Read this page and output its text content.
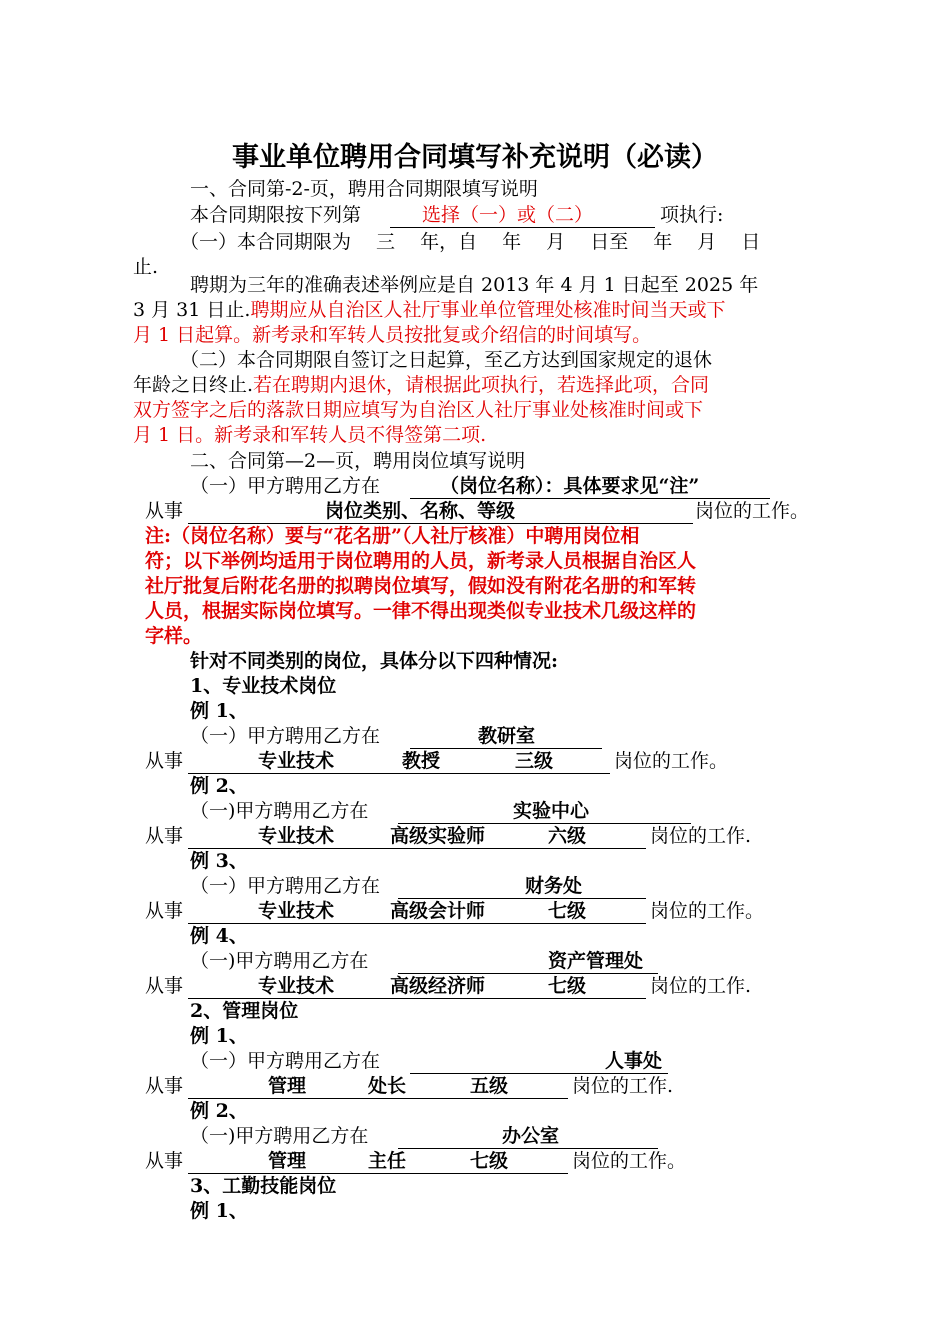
事业单位聘用合同填写补充说明（必读）
一、合同第-2-页，聘用合同期限填写说明
本合同期限按下列第	选择（一）或（二）	项执行:
（一）本合同期限为　 三　 年，自　 年　 月　 日至　 年　 月　 日
止.
聘期为三年的准确表述举例应是自 2013 年 4 月 1 日起至 2025 年
3 月 31 日止.聘期应从自治区人社厅事业单位管理处核准时间当天或下
月 1 日起算。新考录和军转人员按批复或介绍信的时间填写。
（二）本合同期限自签订之日起算，至乙方达到国家规定的退休
年龄之日终止.若在聘期内退休，请根据此项执行，若选择此项，合同
双方签字之后的落款日期应填写为自治区人社厅事业处核准时间或下
月 1 日。新考录和军转人员不得签第二项.
二、合同第—2—页，聘用岗位填写说明
（一）甲方聘用乙方在	（岗位名称）：具体要求见“注”
从事	岗位类别、名称、等级	岗位的工作。
注:（岗位名称）要与“花名册”（人社厅核准）中聘用岗位相
符；以下举例均适用于岗位聘用的人员，新考录人员根据自治区人
社厅批复后附花名册的拟聘岗位填写，假如没有附花名册的和军转
人员，根据实际岗位填写。一律不得出现类似专业技术几级这样的
字样。
针对不同类别的岗位，具体分以下四种情况:
1、专业技术岗位
例 1、
（一）甲方聘用乙方在	教研室
从事	专业技术	教授	三级	岗位的工作。
例 2、
（一)甲方聘用乙方在	实验中心
从事	专业技术	高级实验师	六级	岗位的工作.
例 3、
（一）甲方聘用乙方在	财务处
从事	专业技术	高级会计师	七级	岗位的工作。
例 4、
（一)甲方聘用乙方在	资产管理处
从事	专业技术	高级经济师	七级	岗位的工作.
2、管理岗位
例 1、
（一）甲方聘用乙方在	人事处
从事	管理	处长	五级	岗位的工作.
例 2、
（一)甲方聘用乙方在	办公室
从事	管理	主任	七级	岗位的工作。
3、工勤技能岗位
例 1、
